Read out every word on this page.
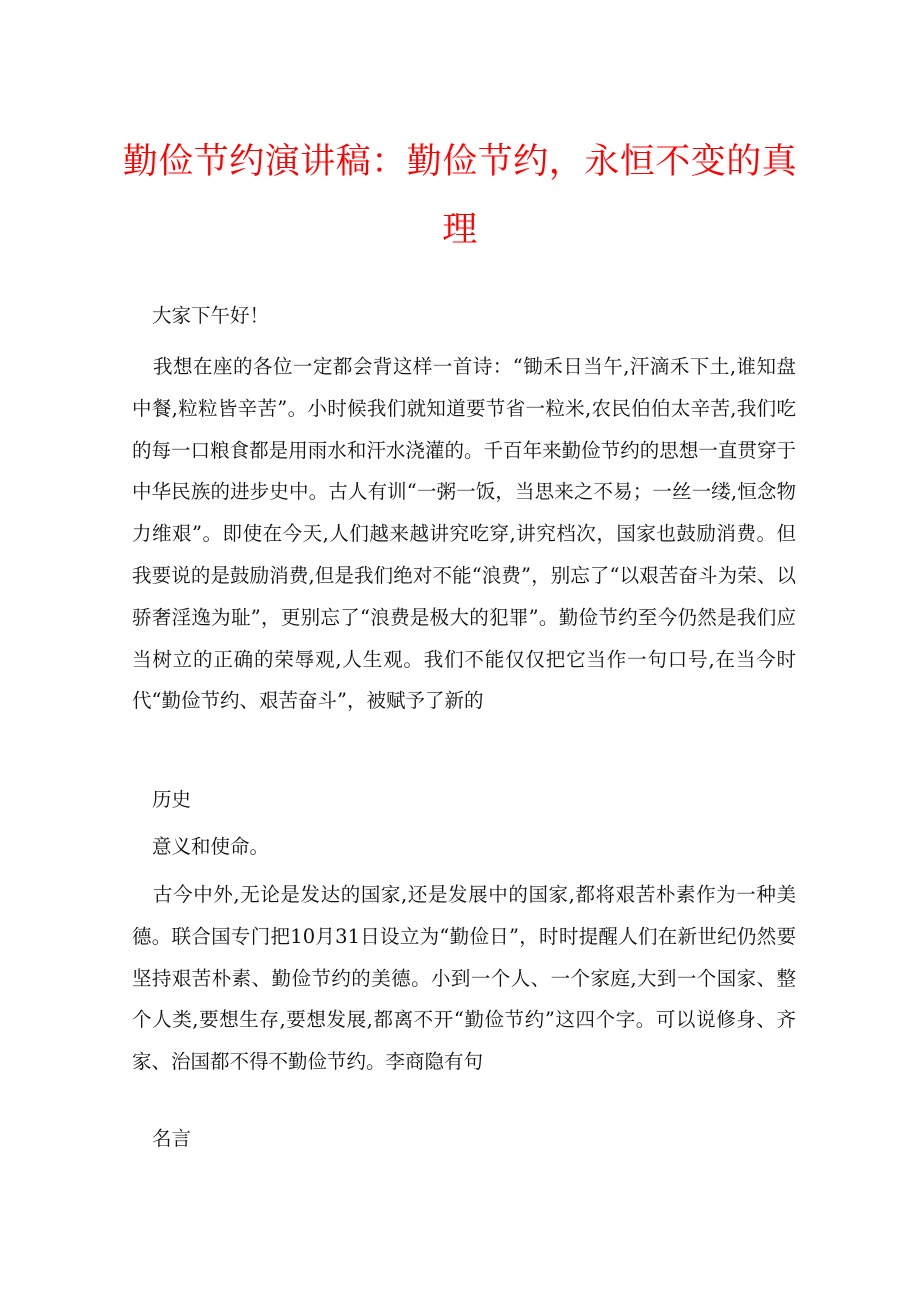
勤俭节约演讲稿：勤俭节约，永恒不变的真理
大家下午好！

我想在座的各位一定都会背这样一首诗：“锄禾日当午,汗滴禾下土,谁知盘中餐,粒粒皆辛苦”。小时候我们就知道要节省一粒米,农民伯伯太辛苦,我们吃的每一口粮食都是用雨水和汗水浇灌的。千百年来勤俭节约的思想一直贯穿于中华民族的进步史中。古人有训“一粥一饭，当思来之不易；一丝一缕,恒念物力维艰”。即使在今天,人们越来越讲究吃穿,讲究档次，国家也鼓励消费。但我要说的是鼓励消费,但是我们绝对不能“浪费”，别忘了“以艰苦奋斗为荣、以骄奢淫逸为耻”，更别忘了“浪费是极大的犯罪”。勤俭节约至今仍然是我们应当树立的正确的荣辱观,人生观。我们不能仅仅把它当作一句口号,在当今时代“勤俭节约、艰苦奋斗”，被赋予了新的

历史
意义和使命。

古今中外,无论是发达的国家,还是发展中的国家,都将艰苦朴素作为一种美德。联合国专门把10月31日设立为“勤俭日”，时时提醒人们在新世纪仍然要坚持艰苦朴素、勤俭节约的美德。小到一个人、一个家庭,大到一个国家、整个人类,要想生存,要想发展,都离不开“勤俭节约”这四个字。可以说修身、齐家、治国都不得不勤俭节约。李商隐有句

名言
